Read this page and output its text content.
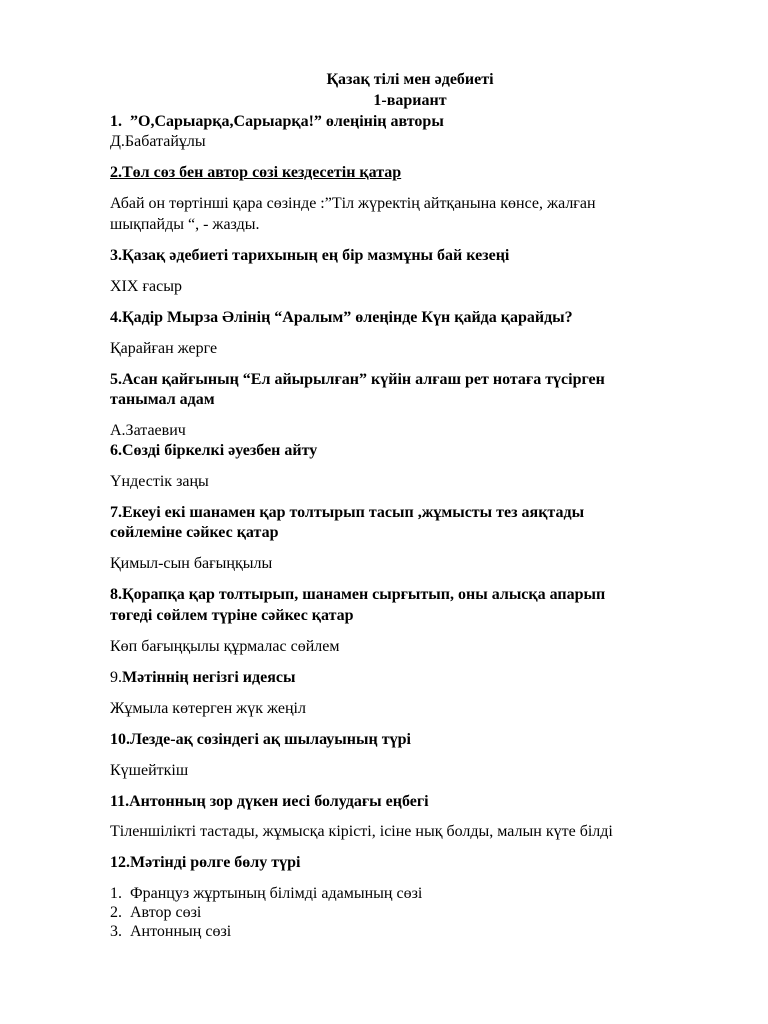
Қазақ тілі мен әдебиеті
1-вариант
1. ”О,Сарыарқа,Сарыарқа!” өлеңінің авторы
Д.Бабатайұлы
2.Төл сөз бен автор сөзі кездесетін қатар
Абай он төртінші қара сөзінде :”Тіл жүректің айтқанына көнсе, жалған
шықпайды “, - жазды.
3.Қазақ әдебиеті тарихының ең бір мазмұны бай кезеңі
XIX ғасыр
4.Қадір Мырза Әлінің “Аралым” өлеңінде Күн қайда қарайды?
Қарайған жерге
5.Асан қайғының “Ел айырылған” күйін алғаш рет нотаға түсірген
танымал адам
А.Затаевич
6.Сөзді біркелкі әуезбен айту
Үндестік заңы
7.Екеуі екі шанамен қар толтырып тасып ,жұмысты тез аяқтады
сөйлеміне сәйкес қатар
Қимыл-сын бағыңқылы
8.Қорапқа қар толтырып, шанамен сырғытып, оны алысқа апарып
төгеді сөйлем түріне сәйкес қатар
Көп бағыңқылы құрмалас сөйлем
9.Мәтіннің негізгі идеясы
Жұмыла көтерген жүк жеңіл
10.Лезде-ақ сөзіндегі ақ шылауының түрі
Күшейткіш
11.Антонның зор дүкен иесі болудағы еңбегі
Тіленшілікті тастады, жұмысқа кірісті, ісіне нық болды, малын күте білді
12.Мәтінді рөлге бөлу түрі
1. Француз жұртының білімді адамының сөзі
2. Автор сөзі
3. Антонның сөзі
